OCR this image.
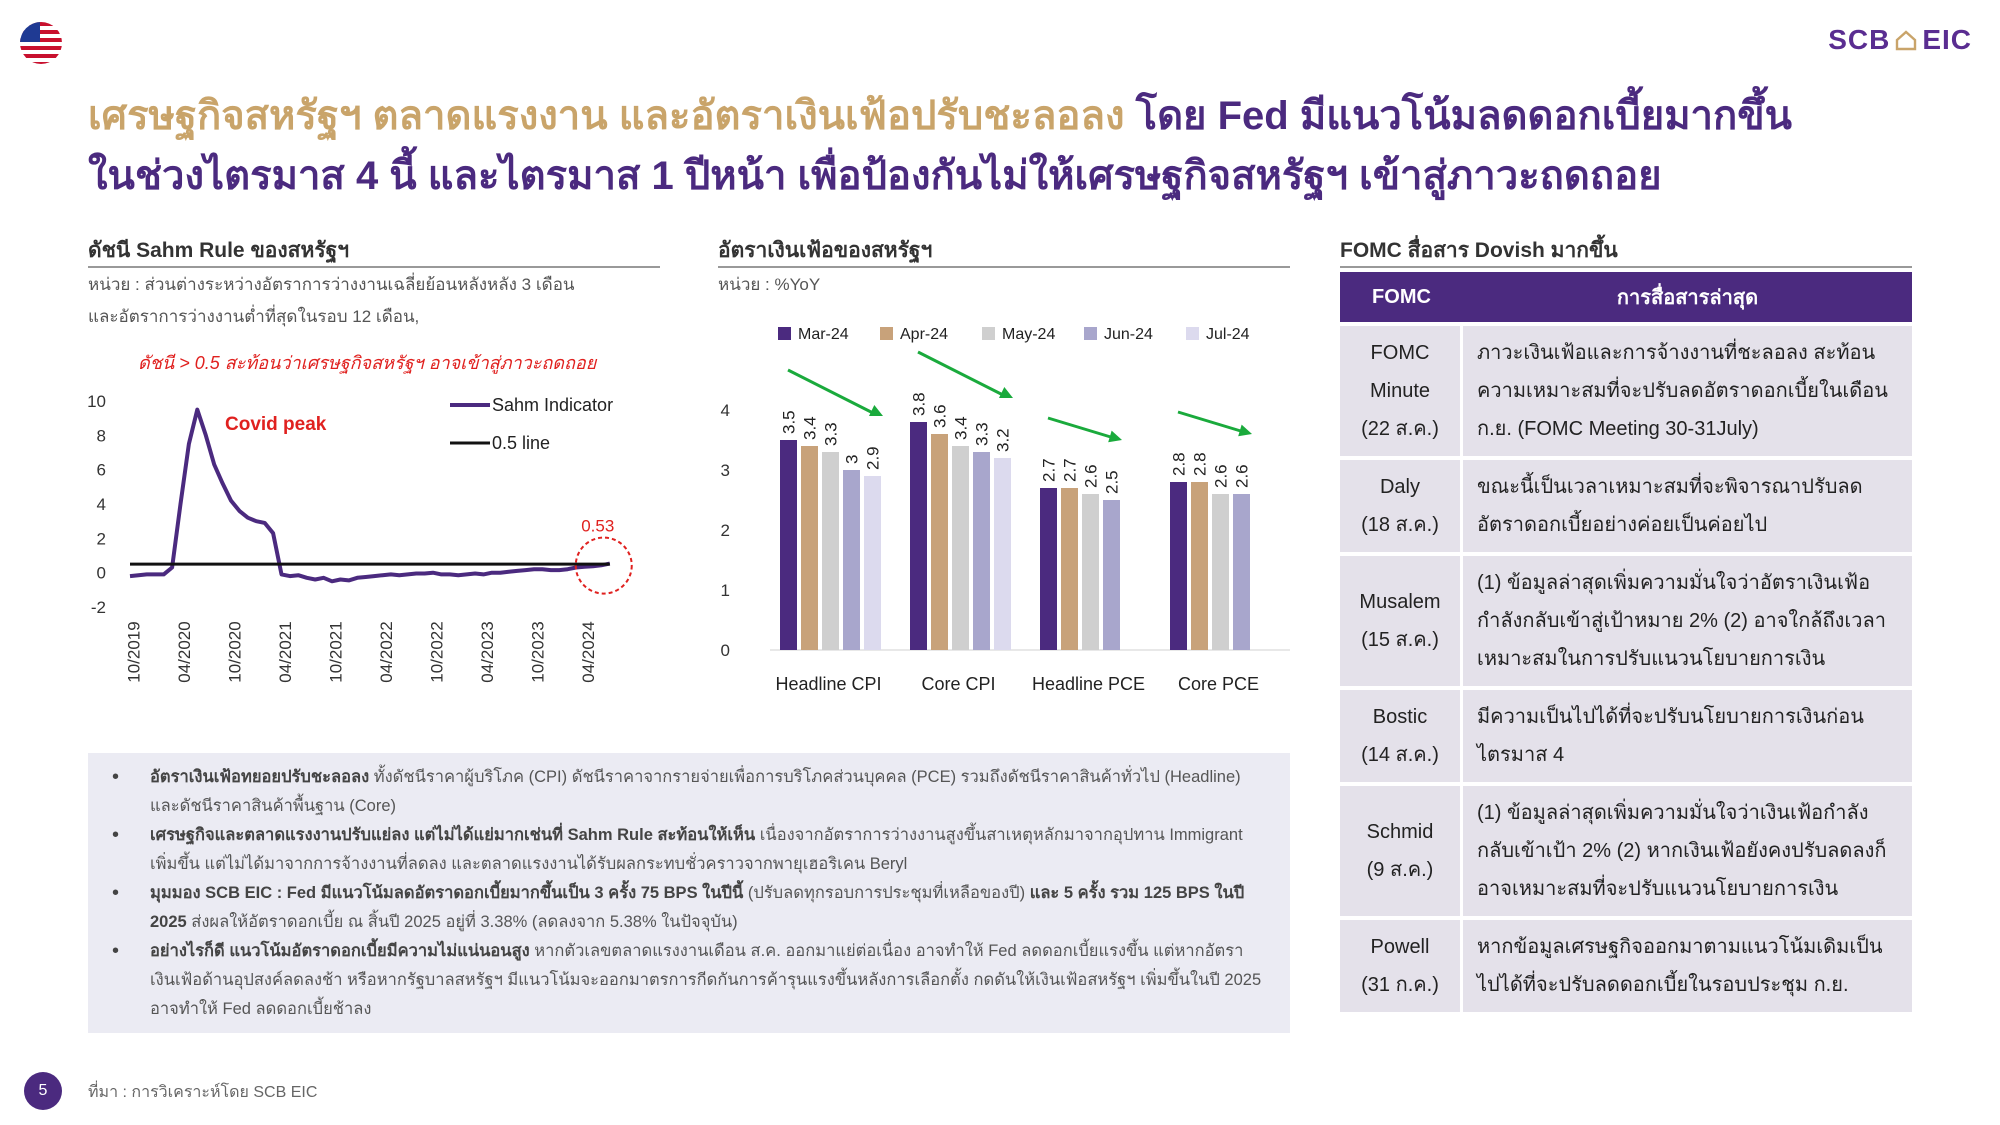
SCB EIC
เศรษฐกิจสหรัฐฯ ตลาดแรงงาน และอัตราเงินเฟ้อปรับชะลอลง โดย Fed มีแนวโน้มลดดอกเบี้ยมากขึ้น
ในช่วงไตรมาส 4 นี้ และไตรมาส 1 ปีหน้า เพื่อป้องกันไม่ให้เศรษฐกิจสหรัฐฯ เข้าสู่ภาวะถดถอย
ดัชนี Sahm Rule ของสหรัฐฯ
หน่วย : ส่วนต่างระหว่างอัตราการว่างงานเฉลี่ยย้อนหลังหลัง 3 เดือน
และอัตราการว่างงานต่ำที่สุดในรอบ 12 เดือน,
ดัชนี > 0.5 สะท้อนว่าเศรษฐกิจสหรัฐฯ อาจเข้าสู่ภาวะถดถอย
-2
0
2
4
6
8
10
10/2019 04/2020 10/2020 04/2021 10/2021 04/2022 10/2022 04/2023 10/2023 04/2024
Sahm Indicator
0.5 line
Covid peak
0.53
อัตราเงินเฟ้อของสหรัฐฯ
หน่วย : %YoY
0
1
2
3
4
Mar-24	Apr-24	May-24	Jun-24	Jul-24
3.5 3.4 3.3
3 2.9
Headline CPI
3.8
3.6
3.4 3.3 3.2
Core CPI
2.7 2.7 2.6 2.5
Headline PCE
2.8 2.8
2.6 2.6
Core PCE
FOMC สื่อสาร Dovish มากขึ้น
FOMC	การสื่อสารล่าสุด

FOMC Minute
(22 ส.ค.)	ภาวะเงินเฟ้อและการจ้างงานที่ชะลอลง สะท้อนความเหมาะสมที่จะปรับลดอัตราดอกเบี้ยในเดือน ก.ย. (FOMC Meeting 30-31July)

Daly
(18 ส.ค.)	ขณะนี้เป็นเวลาเหมาะสมที่จะพิจารณาปรับลดอัตราดอกเบี้ยอย่างค่อยเป็นค่อยไป

Musalem
(15 ส.ค.)	(1) ข้อมูลล่าสุดเพิ่มความมั่นใจว่าอัตราเงินเฟ้อกำลังกลับเข้าสู่เป้าหมาย 2% (2) อาจใกล้ถึงเวลาเหมาะสมในการปรับแนวนโยบายการเงิน

Bostic
(14 ส.ค.)	มีความเป็นไปได้ที่จะปรับนโยบายการเงินก่อนไตรมาส 4

Schmid
(9 ส.ค.)	(1) ข้อมูลล่าสุดเพิ่มความมั่นใจว่าเงินเฟ้อกำลังกลับเข้าเป้า 2% (2) หากเงินเฟ้อยังคงปรับลดลงก็อาจเหมาะสมที่จะปรับแนวนโยบายการเงิน

Powell
(31 ก.ค.)	หากข้อมูลเศรษฐกิจออกมาตามแนวโน้มเดิมเป็นไปได้ที่จะปรับลดดอกเบี้ยในรอบประชุม ก.ย.
• อัตราเงินเฟ้อทยอยปรับชะลอลง ทั้งดัชนีราคาผู้บริโภค (CPI) ดัชนีราคาจากรายจ่ายเพื่อการบริโภคส่วนบุคคล (PCE) รวมถึงดัชนีราคาสินค้าทั่วไป (Headline) และดัชนีราคาสินค้าพื้นฐาน (Core)
• เศรษฐกิจและตลาดแรงงานปรับแย่ลง แต่ไม่ได้แย่มากเช่นที่ Sahm Rule สะท้อนให้เห็น เนื่องจากอัตราการว่างงานสูงขึ้นสาเหตุหลักมาจากอุปทาน Immigrant เพิ่มขึ้น แต่ไม่ได้มาจากการจ้างงานที่ลดลง และตลาดแรงงานได้รับผลกระทบชั่วคราวจากพายุเฮอริเคน Beryl
• มุมมอง SCB EIC : Fed มีแนวโน้มลดอัตราดอกเบี้ยมากขึ้นเป็น 3 ครั้ง 75 BPS ในปีนี้ (ปรับลดทุกรอบการประชุมที่เหลือของปี) และ 5 ครั้ง รวม 125 BPS ในปี 2025 ส่งผลให้อัตราดอกเบี้ย ณ สิ้นปี 2025 อยู่ที่ 3.38% (ลดลงจาก 5.38% ในปัจจุบัน)
• อย่างไรก็ดี แนวโน้มอัตราดอกเบี้ยมีความไม่แน่นอนสูง หากตัวเลขตลาดแรงงานเดือน ส.ค. ออกมาแย่ต่อเนื่อง อาจทำให้ Fed ลดดอกเบี้ยแรงขึ้น แต่หากอัตราเงินเฟ้อด้านอุปสงค์ลดลงช้า หรือหากรัฐบาลสหรัฐฯ มีแนวโน้มจะออกมาตรการกีดกันการค้ารุนแรงขึ้นหลังการเลือกตั้ง กดดันให้เงินเฟ้อสหรัฐฯ เพิ่มขึ้นในปี 2025 อาจทำให้ Fed ลดดอกเบี้ยช้าลง
5	ที่มา : การวิเคราะห์โดย SCB EIC
